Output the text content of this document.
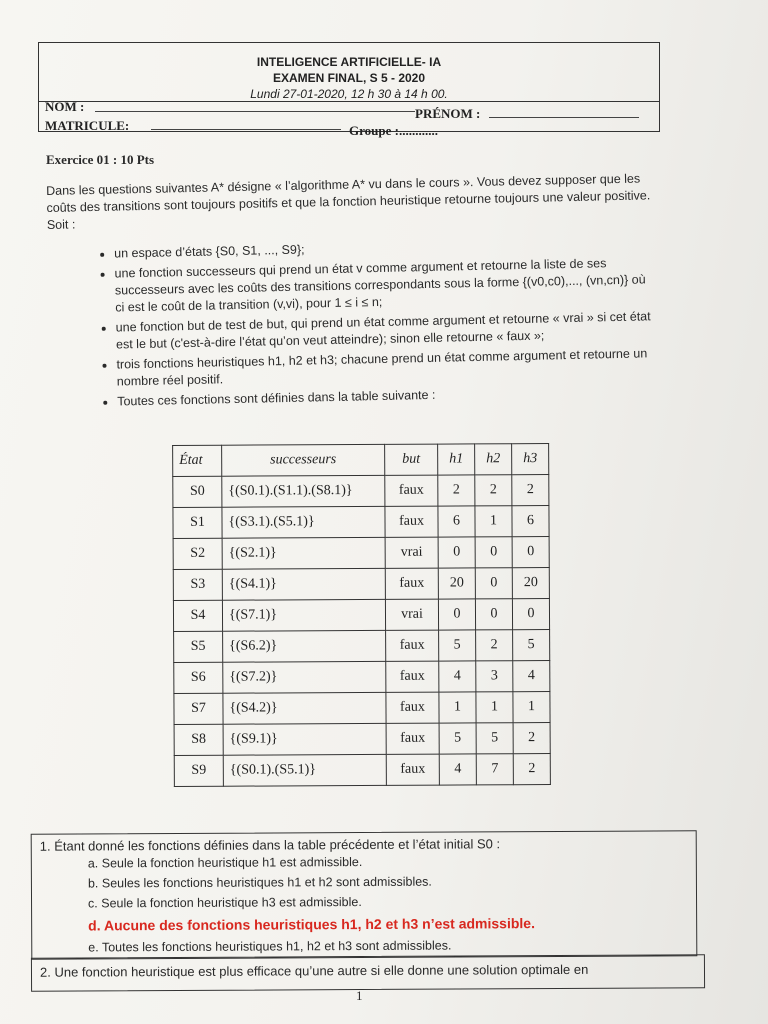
INTELIGENCE ARTIFICIELLE- IA
EXAMEN FINAL, S 5 - 2020
Lundi 27-01-2020, 12 h 30 à 14 h 00.
NOM :
MATRICULE:
PRÉNOM :
Groupe :............
Exercice 01 : 10 Pts
Dans les questions suivantes A* désigne « l’algorithme A* vu dans le cours ». Vous devez supposer que les coûts des transitions sont toujours positifs et que la fonction heuristique retourne toujours une valeur positive. Soit :
• un espace d’états {S0, S1, ..., S9};
• une fonction successeurs qui prend un état v comme argument et retourne la liste de ses successeurs avec les coûts des transitions correspondants sous la forme {(v0,c0),..., (vn,cn)} où ci est le coût de la transition (v,vi), pour 1 ≤ i ≤ n;
• une fonction but de test de but, qui prend un état comme argument et retourne « vrai » si cet état est le but (c'est-à-dire l’état qu’on veut atteindre); sinon elle retourne « faux »;
• trois fonctions heuristiques h1, h2 et h3; chacune prend un état comme argument et retourne un nombre réel positif.
• Toutes ces fonctions sont définies dans la table suivante :
État	successeurs	but	h1	h2	h3
S0	{(S0.1).(S1.1).(S8.1)}	faux	2	2	2
S1	{(S3.1).(S5.1)}	faux	6	1	6
S2	{(S2.1)}	vrai	0	0	0
S3	{(S4.1)}	faux	20	0	20
S4	{(S7.1)}	vrai	0	0	0
S5	{(S6.2)}	faux	5	2	5
S6	{(S7.2)}	faux	4	3	4
S7	{(S4.2)}	faux	1	1	1
S8	{(S9.1)}	faux	5	5	2
S9	{(S0.1).(S5.1)}	faux	4	7	2
1. Étant donné les fonctions définies dans la table précédente et l’état initial S0 :
a. Seule la fonction heuristique h1 est admissible.
b. Seules les fonctions heuristiques h1 et h2 sont admissibles.
c. Seule la fonction heuristique h3 est admissible.
d. Aucune des fonctions heuristiques h1, h2 et h3 n’est admissible.
e. Toutes les fonctions heuristiques h1, h2 et h3 sont admissibles.
2. Une fonction heuristique est plus efficace qu’une autre si elle donne une solution optimale en
1
